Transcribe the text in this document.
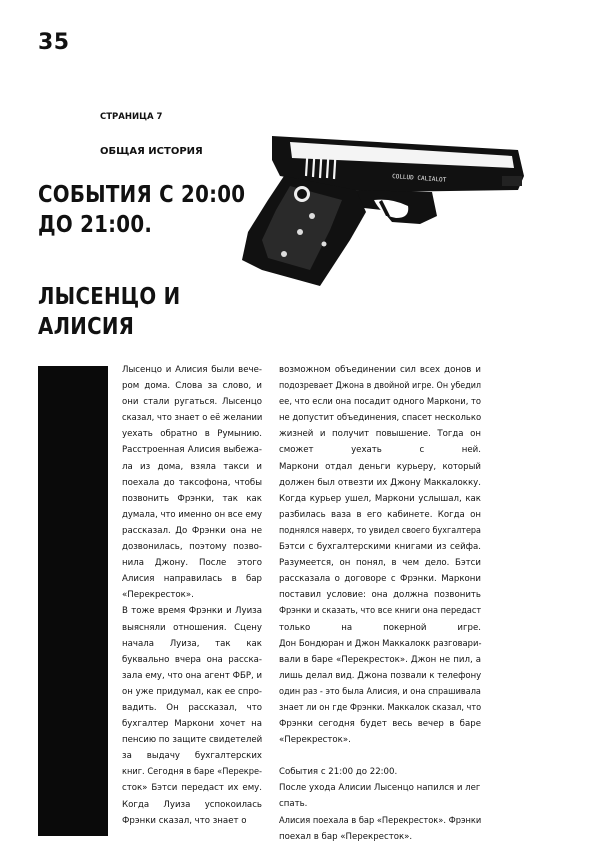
35
СТРАНИЦА 7
ОБЩАЯ ИСТОРИЯ
СОБЫТИЯ С 20:00
ДО 21:00.
ЛЫСЕНЦО И
АЛИСИЯ
COLLUD CALIALOT
Лысенцо и Алисия были вече-
ром дома. Слова за слово, и
они стали ругаться. Лысенцо
сказал, что знает о её желании
уехать обратно в Румынию.
Расстроенная Алисия выбежа-
ла из дома, взяла такси и
поехала до таксофона, чтобы
позвонить Фрэнки, так как
думала, что именно он все ему
рассказал. До Фрэнки она не
дозвонилась, поэтому позво-
нила Джону. После этого
Алисия направилась в бар
«Перекресток».
В тоже время Фрэнки и Луиза
выясняли отношения. Сцену
начала Луиза, так как
буквально вчера она расска-
зала ему, что она агент ФБР, и
он уже придумал, как ее спро-
вадить. Он рассказал, что
бухгалтер Маркони хочет на
пенсию по защите свидетелей
за выдачу бухгалтерских
книг. Сегодня в баре «Перекре-
сток» Бэтси передаст их ему.
Когда Луиза успокоилась
Фрэнки сказал, что знает о
возможном объединении сил всех донов и
подозревает Джона в двойной игре. Он убедил
ее, что если она посадит одного Маркони, то
не допустит объединения, спасет несколько
жизней и получит повышение. Тогда он
сможет уехать с ней.
Маркони отдал деньги курьеру, который
должен был отвезти их Джону Маккалокку.
Когда курьер ушел, Маркони услышал, как
разбилась ваза в его кабинете. Когда он
поднялся наверх, то увидел своего бухгалтера
Бэтси с бухгалтерскими книгами из сейфа.
Разумеется, он понял, в чем дело. Бэтси
рассказала о договоре с Фрэнки. Маркони
поставил условие: она должна позвонить
Фрэнки и сказать, что все книги она передаст
только на покерной игре.
Дон Бондюран и Джон Маккалокк разговари-
вали в баре «Перекресток». Джон не пил, а
лишь делал вид. Джона позвали к телефону
один раз - это была Алисия, и она спрашивала
знает ли он где Фрэнки. Маккалок сказал, что
Фрэнки сегодня будет весь вечер в баре
«Перекресток».
События с 21:00 до 22:00.
После ухода Алисии Лысенцо напился и лег
спать.
Алисия поехала в бар «Перекресток». Фрэнки
поехал в бар «Перекресток».
